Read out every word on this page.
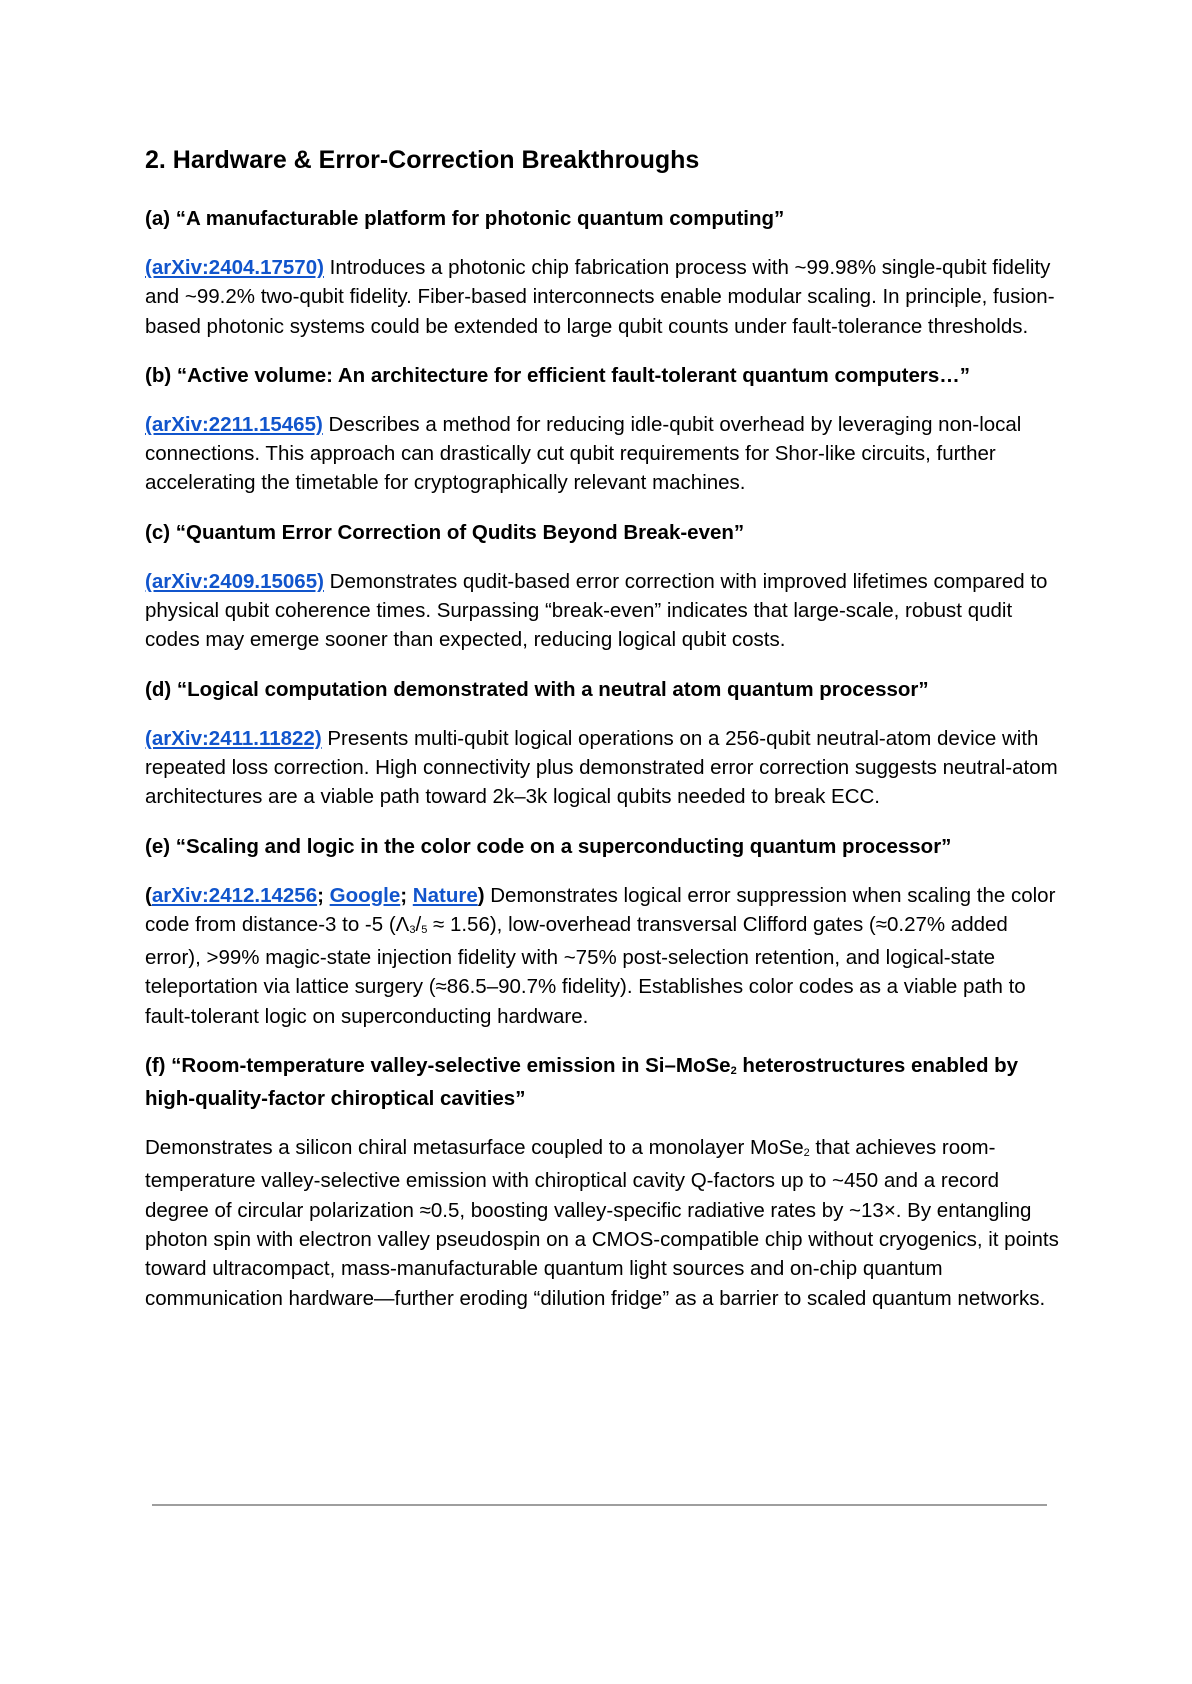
2. Hardware & Error-Correction Breakthroughs
(a) “A manufacturable platform for photonic quantum computing”

(arXiv:2404.17570) Introduces a photonic chip fabrication process with ~99.98% single-qubit fidelity and ~99.2% two-qubit fidelity. Fiber-based interconnects enable modular scaling. In principle, fusion-based photonic systems could be extended to large qubit counts under fault-tolerance thresholds.

(b) “Active volume: An architecture for efficient fault-tolerant quantum computers…”

(arXiv:2211.15465) Describes a method for reducing idle-qubit overhead by leveraging non-local connections. This approach can drastically cut qubit requirements for Shor-like circuits, further accelerating the timetable for cryptographically relevant machines.

(c) “Quantum Error Correction of Qudits Beyond Break-even”

(arXiv:2409.15065) Demonstrates qudit-based error correction with improved lifetimes compared to physical qubit coherence times. Surpassing “break-even” indicates that large-scale, robust qudit codes may emerge sooner than expected, reducing logical qubit costs.

(d) “Logical computation demonstrated with a neutral atom quantum processor”

(arXiv:2411.11822) Presents multi-qubit logical operations on a 256-qubit neutral-atom device with repeated loss correction. High connectivity plus demonstrated error correction suggests neutral-atom architectures are a viable path toward 2k–3k logical qubits needed to break ECC.

(e) “Scaling and logic in the color code on a superconducting quantum processor”

(arXiv:2412.14256; Google; Nature) Demonstrates logical error suppression when scaling the color code from distance-3 to -5 $(\Lambda_3/_5 \approx 1.56)$, low-overhead transversal Clifford gates (≈0.27% added error), >99% magic-state injection fidelity with ~75% post-selection retention, and logical-state teleportation via lattice surgery (≈86.5–90.7% fidelity). Establishes color codes as a viable path to fault-tolerant logic on superconducting hardware.

(f) “Room-temperature valley-selective emission in Si–MoSe$_2$ heterostructures enabled by high-quality-factor chiroptical cavities”

Demonstrates a silicon chiral metasurface coupled to a monolayer MoSe$_2$ that achieves room-temperature valley-selective emission with chiroptical cavity Q-factors up to ~450 and a record degree of circular polarization ≈0.5, boosting valley-specific radiative rates by ~13×. By entangling photon spin with electron valley pseudospin on a CMOS-compatible chip without cryogenics, it points toward ultracompact, mass-manufacturable quantum light sources and on-chip quantum communication hardware—further eroding “dilution fridge” as a barrier to scaled quantum networks.
